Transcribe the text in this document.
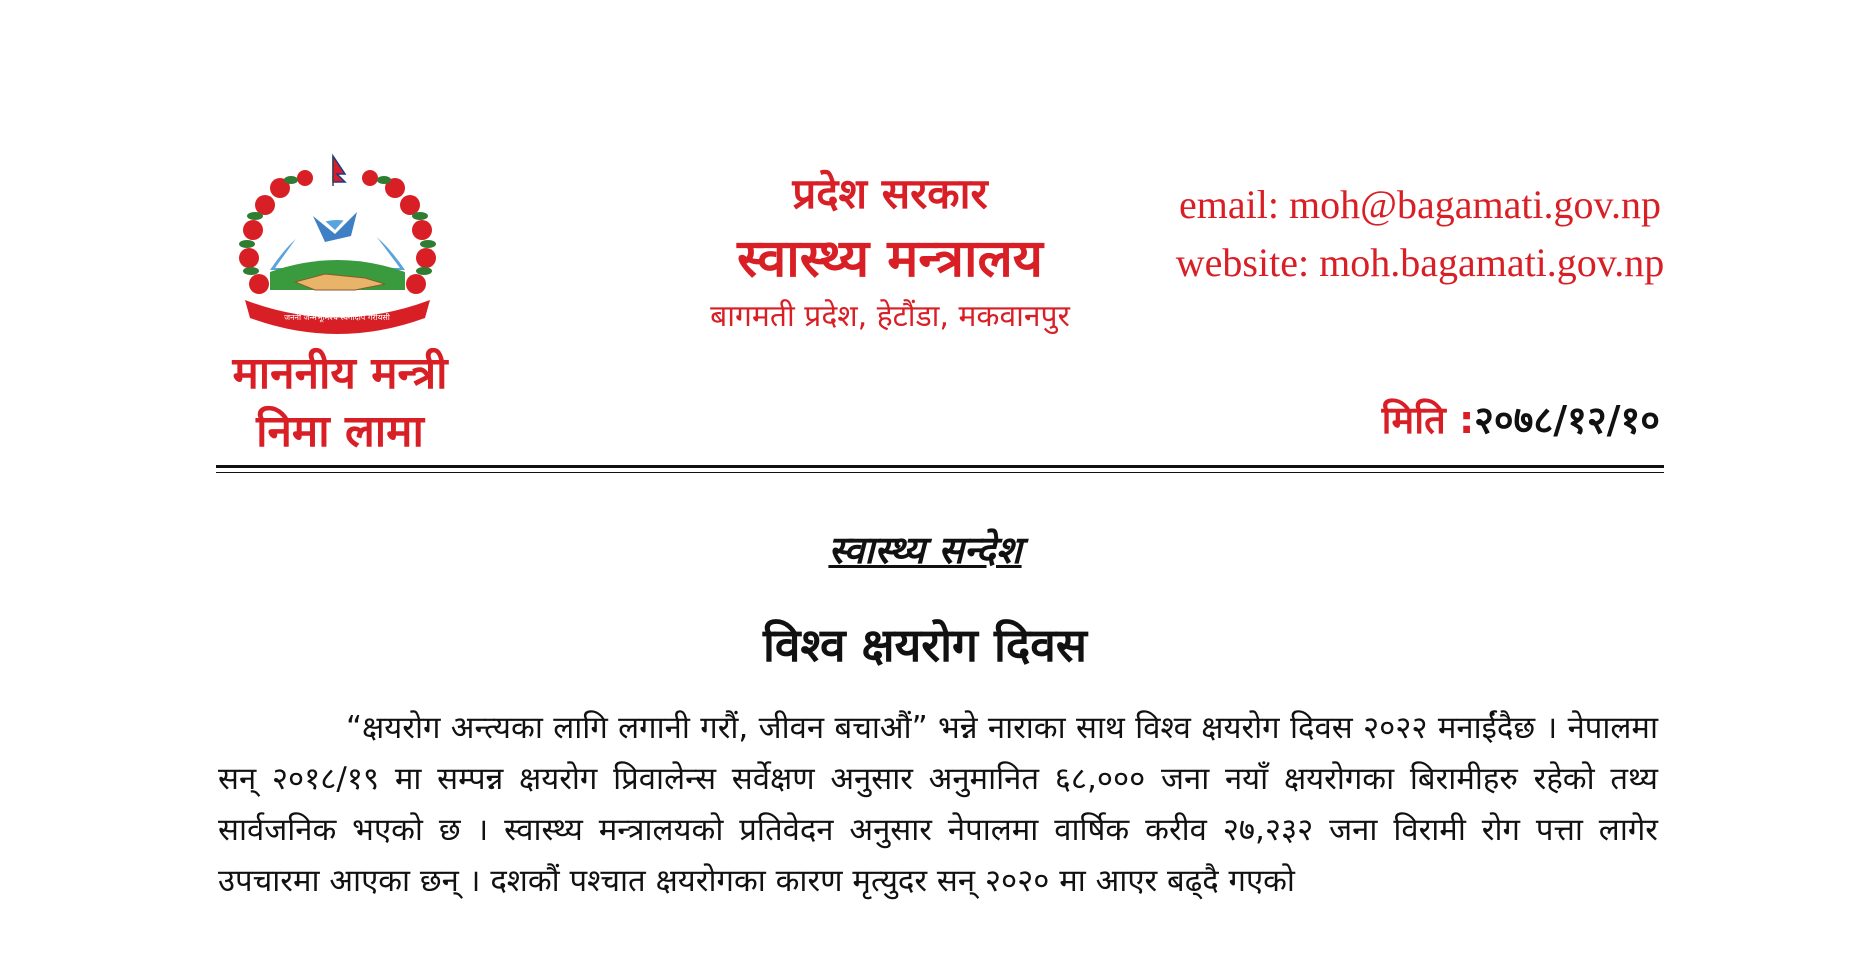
जननी जन्मभूमिश्च स्वर्गादपि गरीयसी
माननीय मन्त्री
निमा लामा
प्रदेश सरकार
स्वास्थ्य मन्त्रालय
बागमती प्रदेश, हेटौंडा, मकवानपुर
email: moh@bagamati.gov.np
website: moh.bagamati.gov.np
मिति :२०७८/१२/१०
स्वास्थ्य सन्देश
विश्व क्षयरोग दिवस
“क्षयरोग अन्त्यका लागि लगानी गरौं, जीवन बचाऔं” भन्ने नाराका साथ विश्व क्षयरोग दिवस २०२२ मनाईंदैछ । नेपालमा सन् २०१८/१९ मा सम्पन्न क्षयरोग प्रिवालेन्स सर्वेक्षण अनुसार अनुमानित ६८,००० जना नयाँ क्षयरोगका बिरामीहरु रहेको तथ्य सार्वजनिक भएको छ । स्वास्थ्य मन्त्रालयको प्रतिवेदन अनुसार नेपालमा वार्षिक करीव २७,२३२ जना विरामी रोग पत्ता लागेर उपचारमा आएका छन् । दशकौं पश्चात क्षयरोगका कारण मृत्युदर सन् २०२० मा आएर बढ्दै गएको
